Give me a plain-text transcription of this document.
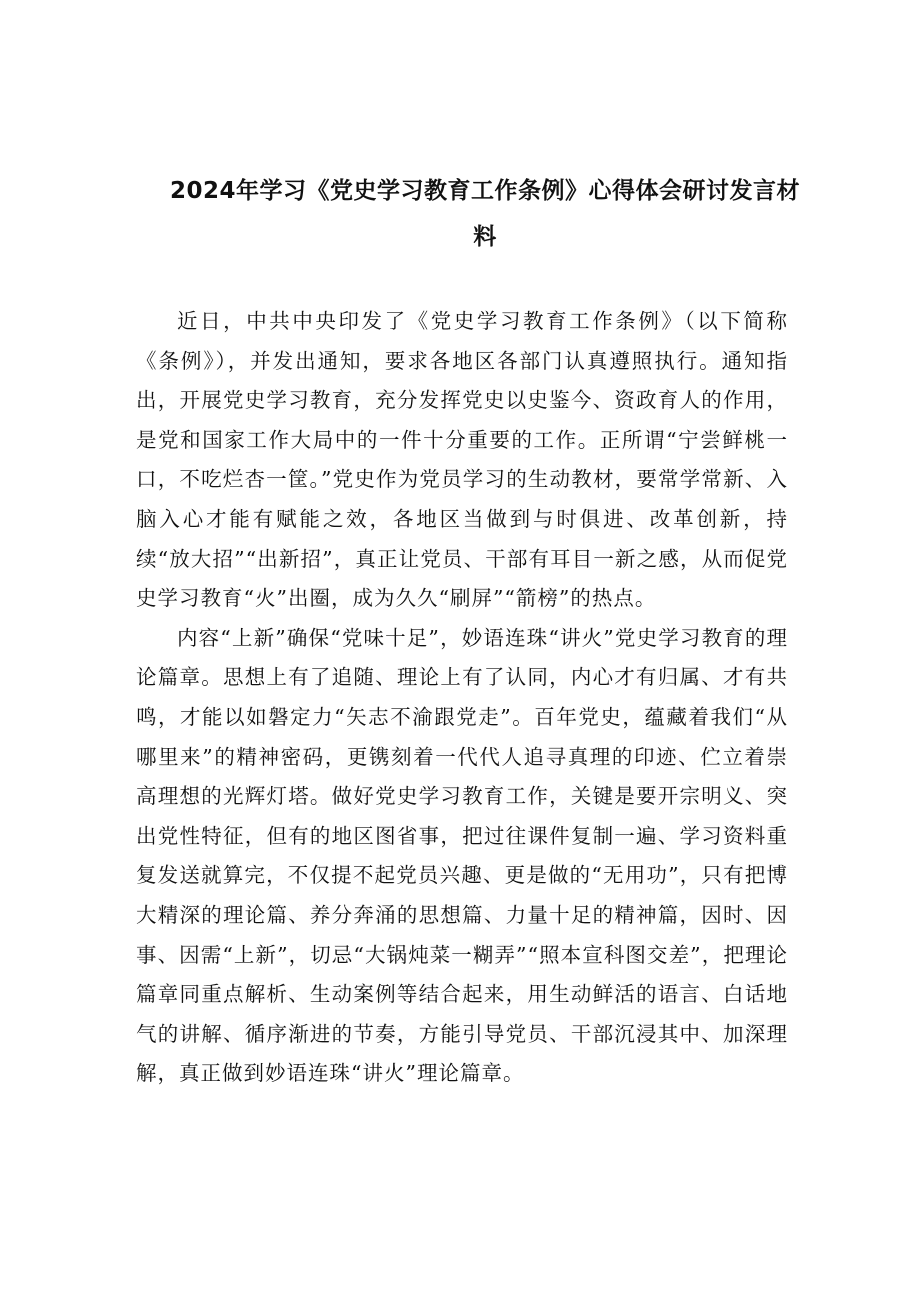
2024年学习《党史学习教育工作条例》心得体会研讨发言材料

近日，中共中央印发了《党史学习教育工作条例》（以下简称《条例》），并发出通知，要求各地区各部门认真遵照执行。通知指出，开展党史学习教育，充分发挥党史以史鉴今、资政育人的作用，是党和国家工作大局中的一件十分重要的工作。正所谓“宁尝鲜桃一口，不吃烂杏一筐。”党史作为党员学习的生动教材，要常学常新、入脑入心才能有赋能之效，各地区当做到与时俱进、改革创新，持续“放大招”“出新招”，真正让党员、干部有耳目一新之感，从而促党史学习教育“火”出圈，成为久久“刷屏”“箭榜”的热点。

内容“上新”确保“党味十足”，妙语连珠“讲火”党史学习教育的理论篇章。思想上有了追随、理论上有了认同，内心才有归属、才有共鸣，才能以如磐定力“矢志不渝跟党走”。百年党史，蕴藏着我们“从哪里来”的精神密码，更镌刻着一代代人追寻真理的印迹、伫立着崇高理想的光辉灯塔。做好党史学习教育工作，关键是要开宗明义、突出党性特征，但有的地区图省事，把过往课件复制一遍、学习资料重复发送就算完，不仅提不起党员兴趣、更是做的“无用功”，只有把博大精深的理论篇、养分奔涌的思想篇、力量十足的精神篇，因时、因事、因需“上新”，切忌“大锅炖菜一糊弄”“照本宣科图交差”，把理论篇章同重点解析、生动案例等结合起来，用生动鲜活的语言、白话地气的讲解、循序渐进的节奏，方能引导党员、干部沉浸其中、加深理解，真正做到妙语连珠“讲火”理论篇章。
